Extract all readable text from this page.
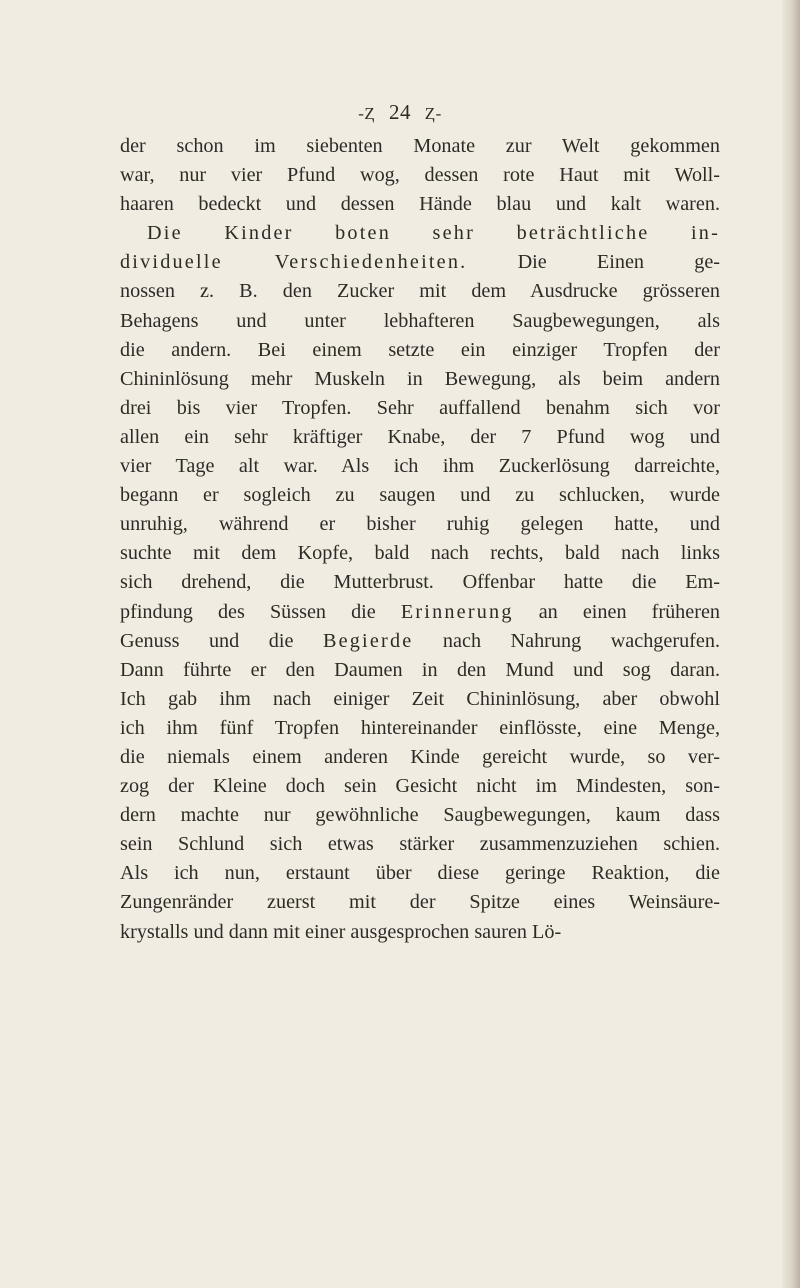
-Ⱬ 24 Ⱬ-
der schon im siebenten Monate zur Welt gekommen
war, nur vier Pfund wog, dessen rote Haut mit Woll-
haaren bedeckt und dessen Hände blau und kalt waren.
Die Kinder boten sehr beträchtliche in-
dividuelle Verschiedenheiten. Die Einen ge-
nossen z. B. den Zucker mit dem Ausdrucke grösseren
Behagens und unter lebhafteren Saugbewegungen, als
die andern. Bei einem setzte ein einziger Tropfen der
Chininlösung mehr Muskeln in Bewegung, als beim andern
drei bis vier Tropfen. Sehr auffallend benahm sich vor
allen ein sehr kräftiger Knabe, der 7 Pfund wog und
vier Tage alt war. Als ich ihm Zuckerlösung darreichte,
begann er sogleich zu saugen und zu schlucken, wurde
unruhig, während er bisher ruhig gelegen hatte, und
suchte mit dem Kopfe, bald nach rechts, bald nach links
sich drehend, die Mutterbrust. Offenbar hatte die Em-
pfindung des Süssen die Erinnerung an einen früheren
Genuss und die Begierde nach Nahrung wachgerufen.
Dann führte er den Daumen in den Mund und sog daran.
Ich gab ihm nach einiger Zeit Chininlösung, aber obwohl
ich ihm fünf Tropfen hintereinander einflösste, eine Menge,
die niemals einem anderen Kinde gereicht wurde, so ver-
zog der Kleine doch sein Gesicht nicht im Mindesten, son-
dern machte nur gewöhnliche Saugbewegungen, kaum dass
sein Schlund sich etwas stärker zusammenzuziehen schien.
Als ich nun, erstaunt über diese geringe Reaktion, die
Zungenränder zuerst mit der Spitze eines Weinsäure-
krystalls und dann mit einer ausgesprochen sauren Lö-
